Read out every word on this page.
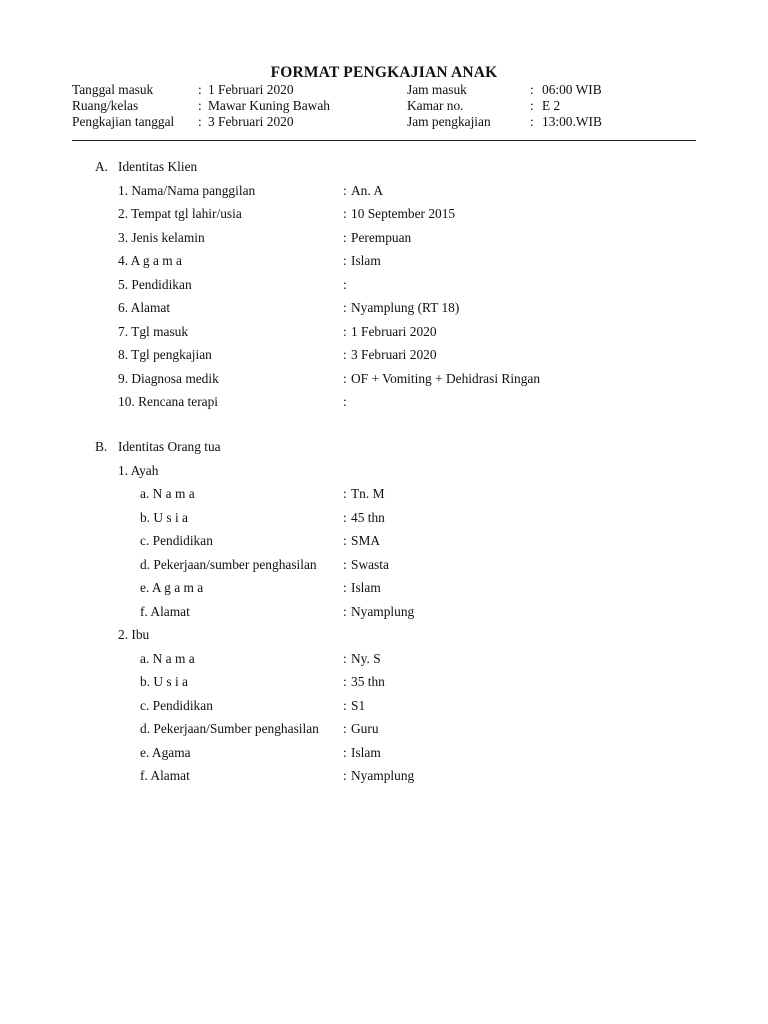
FORMAT PENGKAJIAN ANAK
Tanggal masuk	: 1 Februari 2020	Jam masuk	: 06:00 WIB
Ruang/kelas	: Mawar Kuning Bawah	Kamar no.	: E 2
Pengkajian tanggal : 3 Februari 2020	Jam pengkajian	: 13:00.WIB
A. Identitas Klien
1. Nama/Nama panggilan	: An. A
2. Tempat tgl lahir/usia	: 10 September 2015
3. Jenis kelamin	: Perempuan
4. A g a m a	: Islam
5. Pendidikan	:
6. Alamat	: Nyamplung (RT 18)
7. Tgl masuk	: 1 Februari 2020
8. Tgl pengkajian	: 3 Februari 2020
9. Diagnosa medik	: OF + Vomiting + Dehidrasi Ringan
10. Rencana terapi	:
B. Identitas Orang tua
1. Ayah
a. N a m a	: Tn. M
b. U s i a	: 45 thn
c. Pendidikan	: SMA
d. Pekerjaan/sumber penghasilan : Swasta
e. A g a m a	: Islam
f. Alamat	: Nyamplung
2. Ibu
a. N a m a	: Ny. S
b. U s i a	: 35 thn
c. Pendidikan	: S1
d. Pekerjaan/Sumber penghasilan : Guru
e. Agama	: Islam
f. Alamat	: Nyamplung
